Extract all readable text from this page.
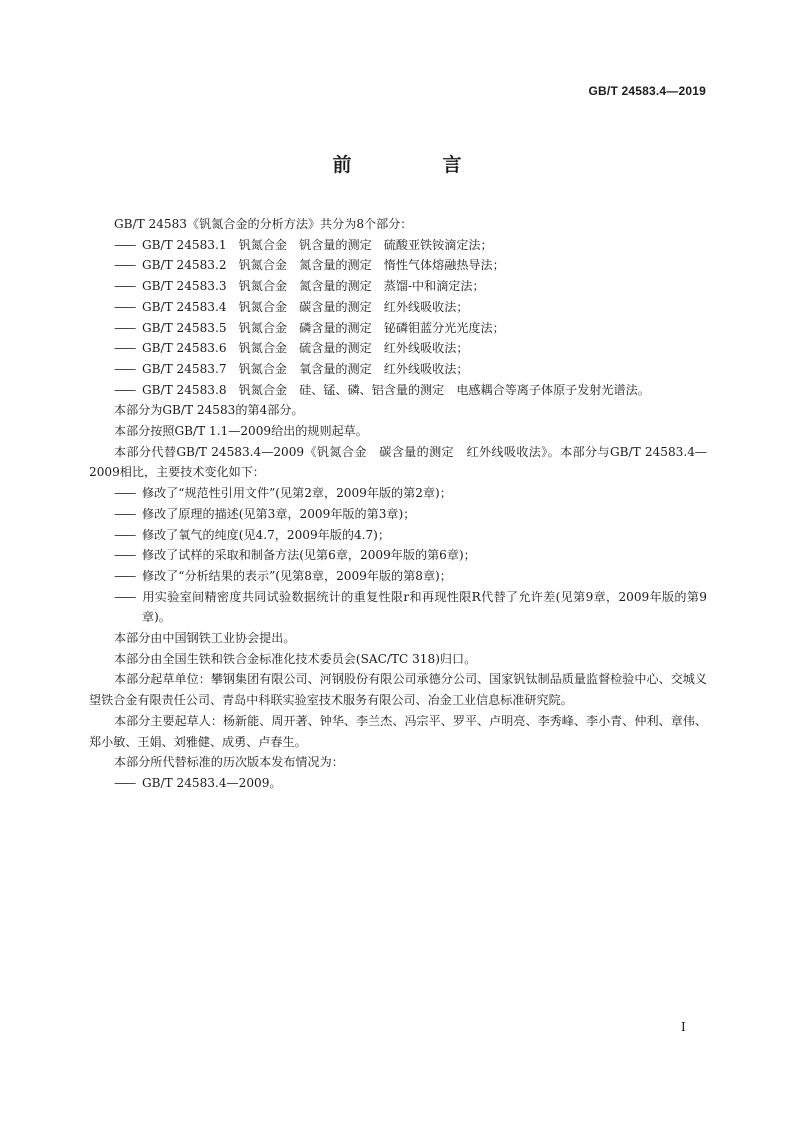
GB/T 24583.4—2019
前　言

GB/T 24583《钒氮合金的分析方法》共分为8个部分：

—— GB/T 24583.1　钒氮合金　钒含量的测定　硫酸亚铁铵滴定法；

—— GB/T 24583.2　钒氮合金　氮含量的测定　惰性气体熔融热导法；

—— GB/T 24583.3　钒氮合金　氮含量的测定　蒸馏-中和滴定法；

—— GB/T 24583.4　钒氮合金　碳含量的测定　红外线吸收法；

—— GB/T 24583.5　钒氮合金　磷含量的测定　铋磷钼蓝分光光度法；

—— GB/T 24583.6　钒氮合金　硫含量的测定　红外线吸收法；

—— GB/T 24583.7　钒氮合金　氧含量的测定　红外线吸收法；

—— GB/T 24583.8　钒氮合金　硅、锰、磷、铝含量的测定　电感耦合等离子体原子发射光谱法。

本部分为GB/T 24583的第4部分。

本部分按照GB/T 1.1—2009给出的规则起草。

本部分代替GB/T 24583.4—2009《钒氮合金　碳含量的测定　红外线吸收法》。本部分与GB/T 24583.4—2009相比，主要技术变化如下：

—— 修改了“规范性引用文件”(见第2章，2009年版的第2章)；

—— 修改了原理的描述(见第3章，2009年版的第3章)；

—— 修改了氧气的纯度(见4.7，2009年版的4.7)；

—— 修改了试样的采取和制备方法(见第6章，2009年版的第6章)；

—— 修改了“分析结果的表示”(见第8章，2009年版的第8章)；

—— 用实验室间精密度共同试验数据统计的重复性限r和再现性限R代替了允许差(见第9章，2009年版的第9章)。

本部分由中国钢铁工业协会提出。

本部分由全国生铁和铁合金标准化技术委员会(SAC/TC 318)归口。

本部分起草单位：攀钢集团有限公司、河钢股份有限公司承德分公司、国家钒钛制品质量监督检验中心、交城义望铁合金有限责任公司、青岛中科联实验室技术服务有限公司、冶金工业信息标准研究院。

本部分主要起草人：杨新能、周开著、钟华、李兰杰、冯宗平、罗平、卢明亮、李秀峰、李小青、仲利、章伟、郑小敏、王娟、刘雅健、成勇、卢春生。

本部分所代替标准的历次版本发布情况为：

—— GB/T 24583.4—2009。

Ⅰ
